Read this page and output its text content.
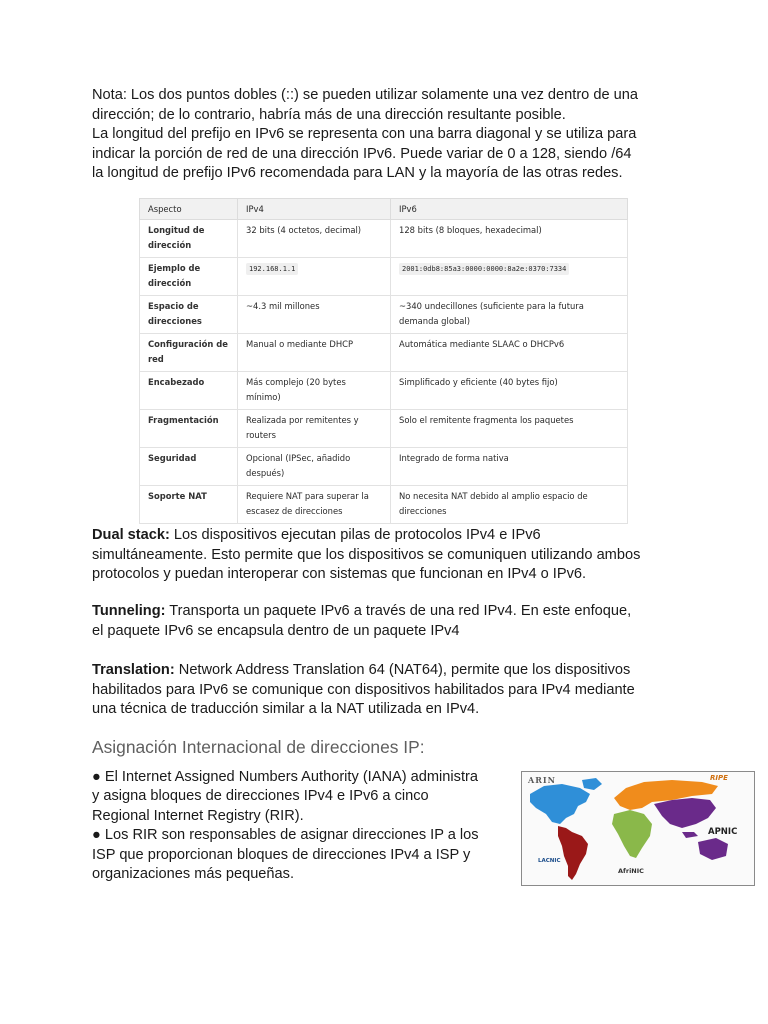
Nota: Los dos puntos dobles (::) se pueden utilizar solamente una vez dentro de una
dirección; de lo contrario, habría más de una dirección resultante posible.
La longitud del prefijo en IPv6 se representa con una barra diagonal y se utiliza para
indicar la porción de red de una dirección IPv6. Puede variar de 0 a 128, siendo /64
la longitud de prefijo IPv6 recomendada para LAN y la mayoría de las otras redes.

Aspecto	IPv4	IPv6
Longitud de dirección	32 bits (4 octetos, decimal)	128 bits (8 bloques, hexadecimal)
Ejemplo de dirección	192.168.1.1	2001:0db8:85a3:0000:0000:8a2e:0370:7334
Espacio de direcciones	~4.3 mil millones	~340 undecillones (suficiente para la futura demanda global)
Configuración de red	Manual o mediante DHCP	Automática mediante SLAAC o DHCPv6
Encabezado	Más complejo (20 bytes mínimo)	Simplificado y eficiente (40 bytes fijo)
Fragmentación	Realizada por remitentes y routers	Solo el remitente fragmenta los paquetes
Seguridad	Opcional (IPSec, añadido después)	Integrado de forma nativa
Soporte NAT	Requiere NAT para superar la escasez de direcciones	No necesita NAT debido al amplio espacio de direcciones

Dual stack: Los dispositivos ejecutan pilas de protocolos IPv4 e IPv6
simultáneamente. Esto permite que los dispositivos se comuniquen utilizando ambos
protocolos y puedan interoperar con sistemas que funcionan en IPv4 o IPv6.

Tunneling: Transporta un paquete IPv6 a través de una red IPv4. En este enfoque,
el paquete IPv6 se encapsula dentro de un paquete IPv4

Translation: Network Address Translation 64 (NAT64), permite que los dispositivos
habilitados para IPv6 se comunique con dispositivos habilitados para IPv4 mediante
una técnica de traducción similar a la NAT utilizada en IPv4.

Asignación Internacional de direcciones IP:

● El Internet Assigned Numbers Authority (IANA) administra
y asigna bloques de direcciones IPv4 e IPv6 a cinco
Regional Internet Registry (RIR).
● Los RIR son responsables de asignar direcciones IP a los
ISP que proporcionan bloques de direcciones IPv4 a ISP y
organizaciones más pequeñas.

ARIN	RIPE
APNIC
LACNIC
AfriNIC
